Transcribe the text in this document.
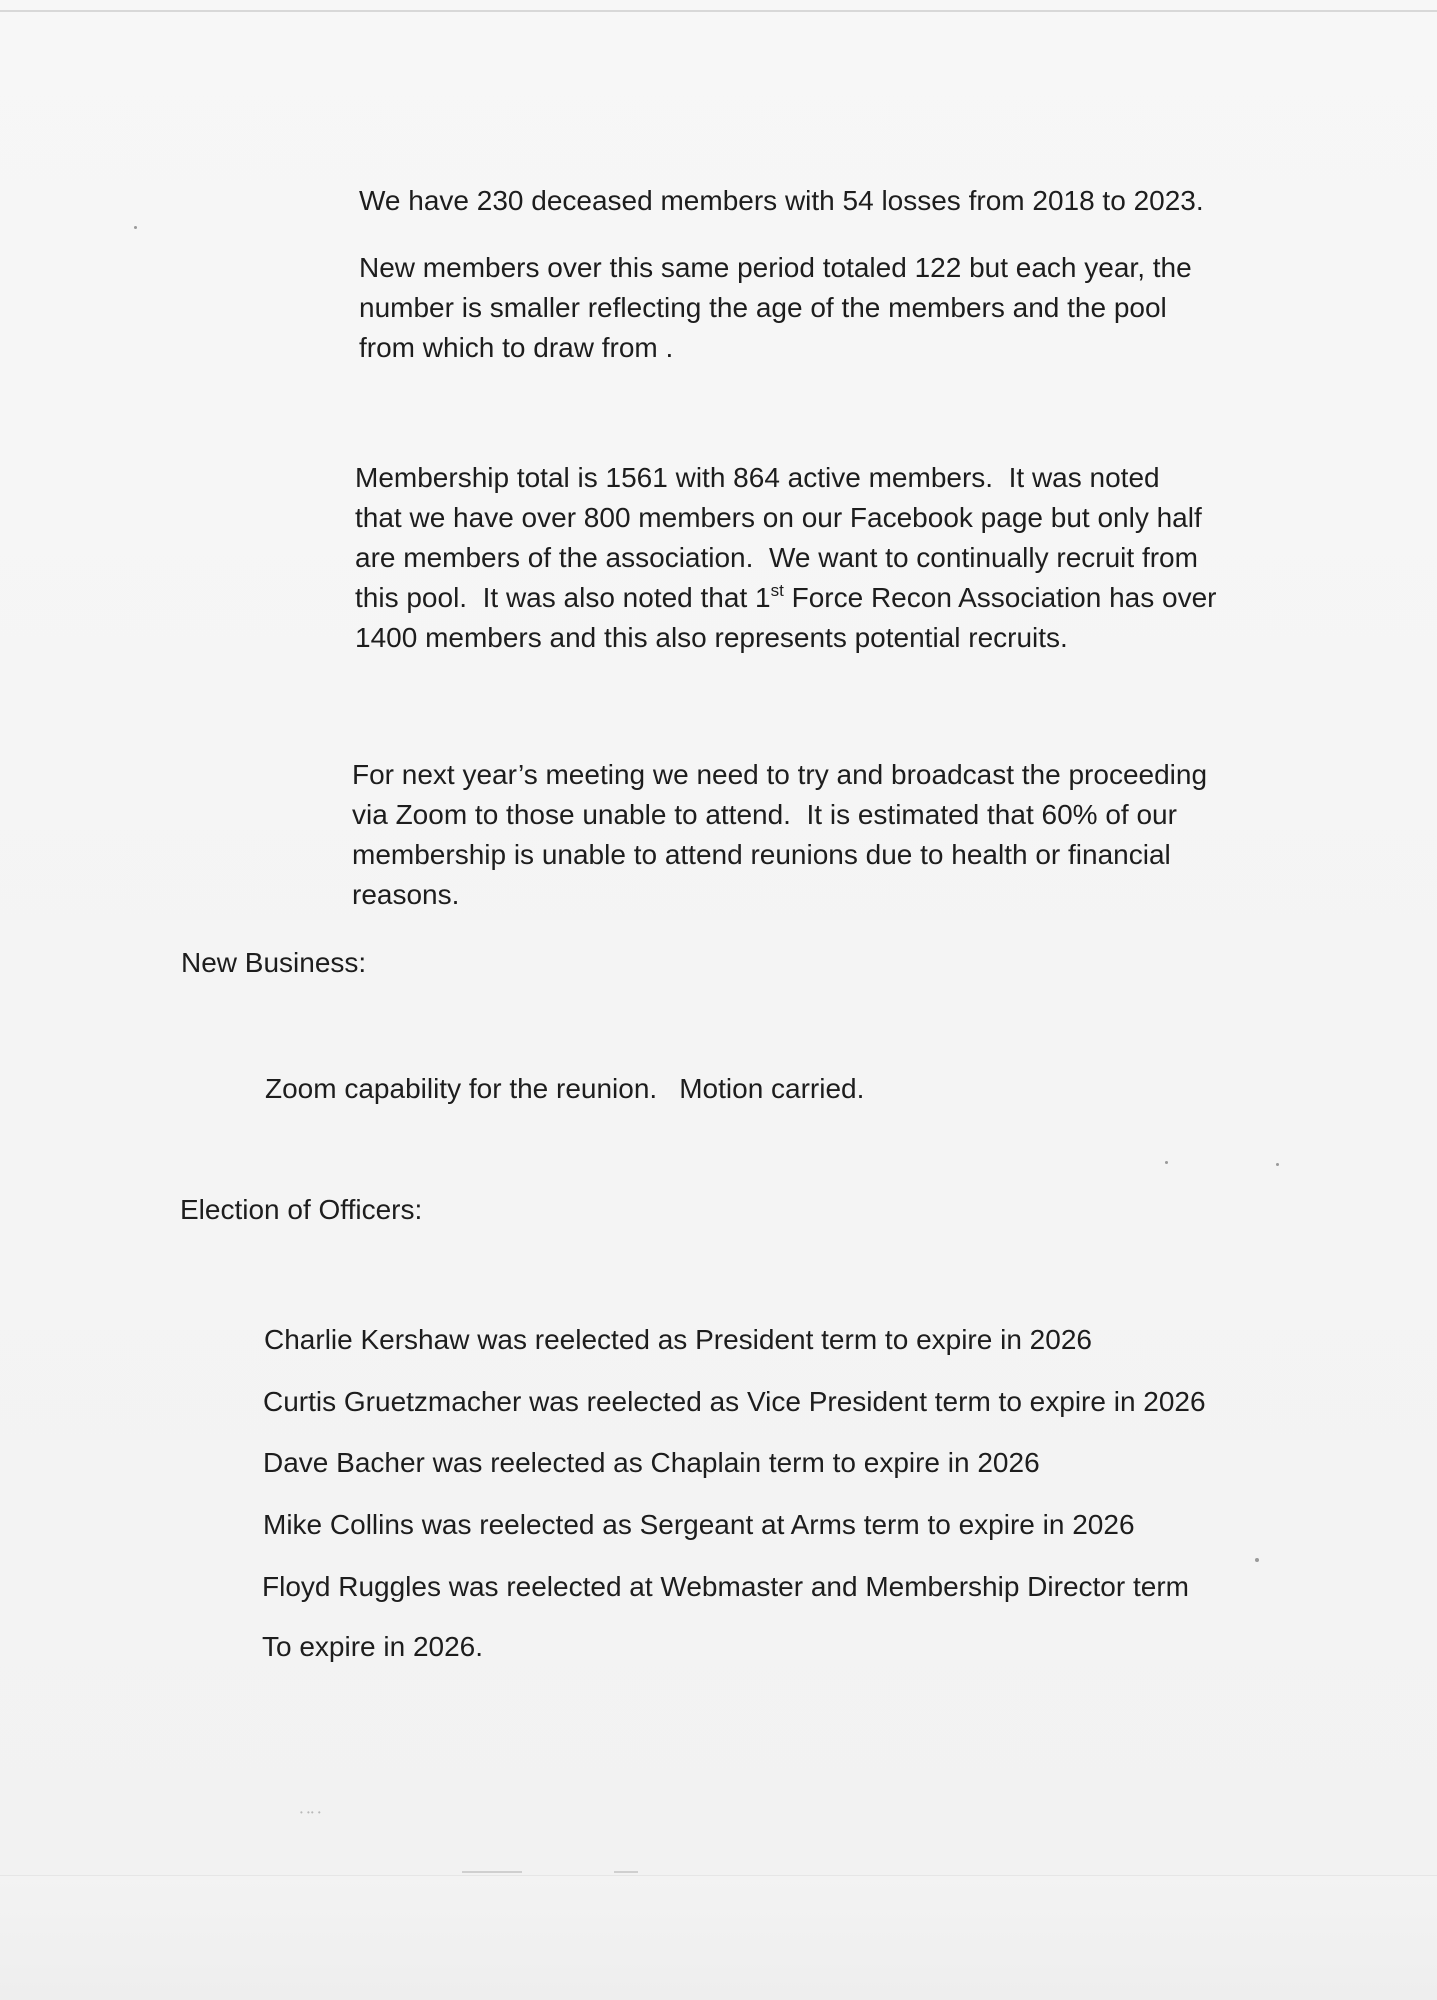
We have 230 deceased members with 54 losses from 2018 to 2023.

New members over this same period totaled 122 but each year, the
number is smaller reflecting the age of the members and the pool
from which to draw from .

Membership total is 1561 with 864 active members.  It was noted
that we have over 800 members on our Facebook page but only half
are members of the association.  We want to continually recruit from
this pool.  It was also noted that 1st Force Recon Association has over
1400 members and this also represents potential recruits.

For next year’s meeting we need to try and broadcast the proceeding
via Zoom to those unable to attend.  It is estimated that 60% of our
membership is unable to attend reunions due to health or financial
reasons.

New Business:

Zoom capability for the reunion. Motion carried.

Election of Officers:

Charlie Kershaw was reelected as President term to expire in 2026

Curtis Gruetzmacher was reelected as Vice President term to expire in 2026

Dave Bacher was reelected as Chaplain term to expire in 2026

Mike Collins was reelected as Sergeant at Arms term to expire in 2026

Floyd Ruggles was reelected at Webmaster and Membership Director term

To expire in 2026.

• •• •
